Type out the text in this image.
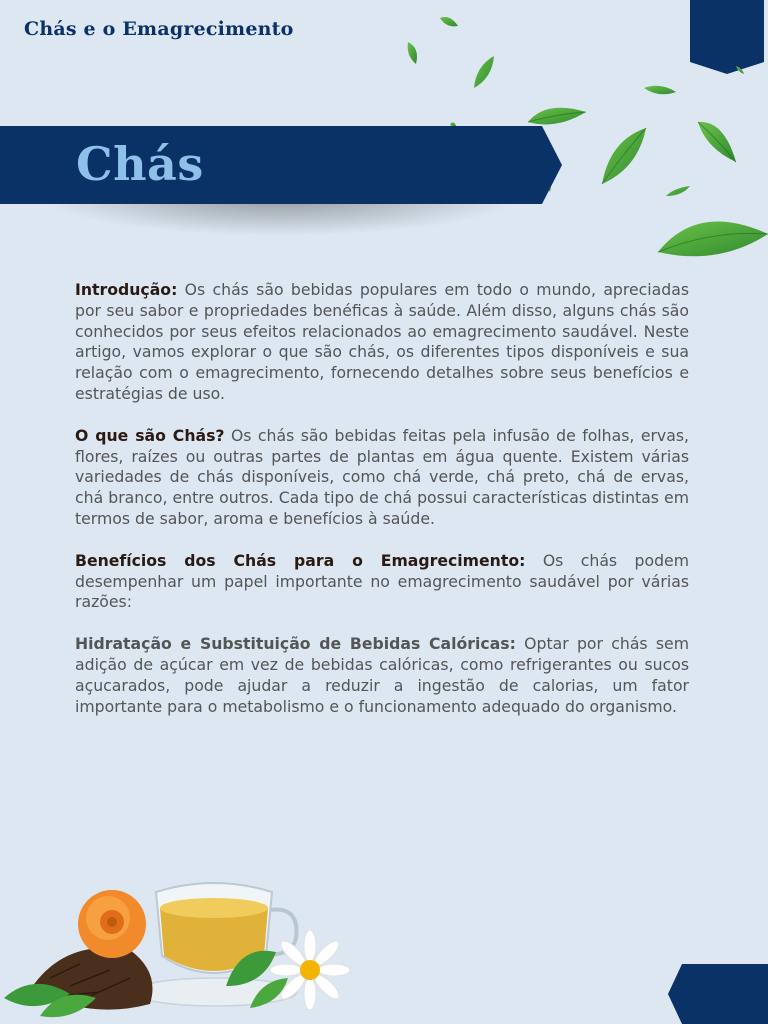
Chás e o Emagrecimento
Chás

Introdução: Os chás são bebidas populares em todo o mundo, apreciadas por seu sabor e propriedades benéficas à saúde. Além disso, alguns chás são conhecidos por seus efeitos relacionados ao emagrecimento saudável. Neste artigo, vamos explorar o que são chás, os diferentes tipos disponíveis e sua relação com o emagrecimento, fornecendo detalhes sobre seus benefícios e estratégias de uso.

O que são Chás? Os chás são bebidas feitas pela infusão de folhas, ervas, flores, raízes ou outras partes de plantas em água quente. Existem várias variedades de chás disponíveis, como chá verde, chá preto, chá de ervas, chá branco, entre outros. Cada tipo de chá possui características distintas em termos de sabor, aroma e benefícios à saúde.

Benefícios dos Chás para o Emagrecimento: Os chás podem desempenhar um papel importante no emagrecimento saudável por várias razões:

Hidratação e Substituição de Bebidas Calóricas: Optar por chás sem adição de açúcar em vez de bebidas calóricas, como refrigerantes ou sucos açucarados, pode ajudar a reduzir a ingestão de calorias, um fator importante para o metabolismo e o funcionamento adequado do organismo.
